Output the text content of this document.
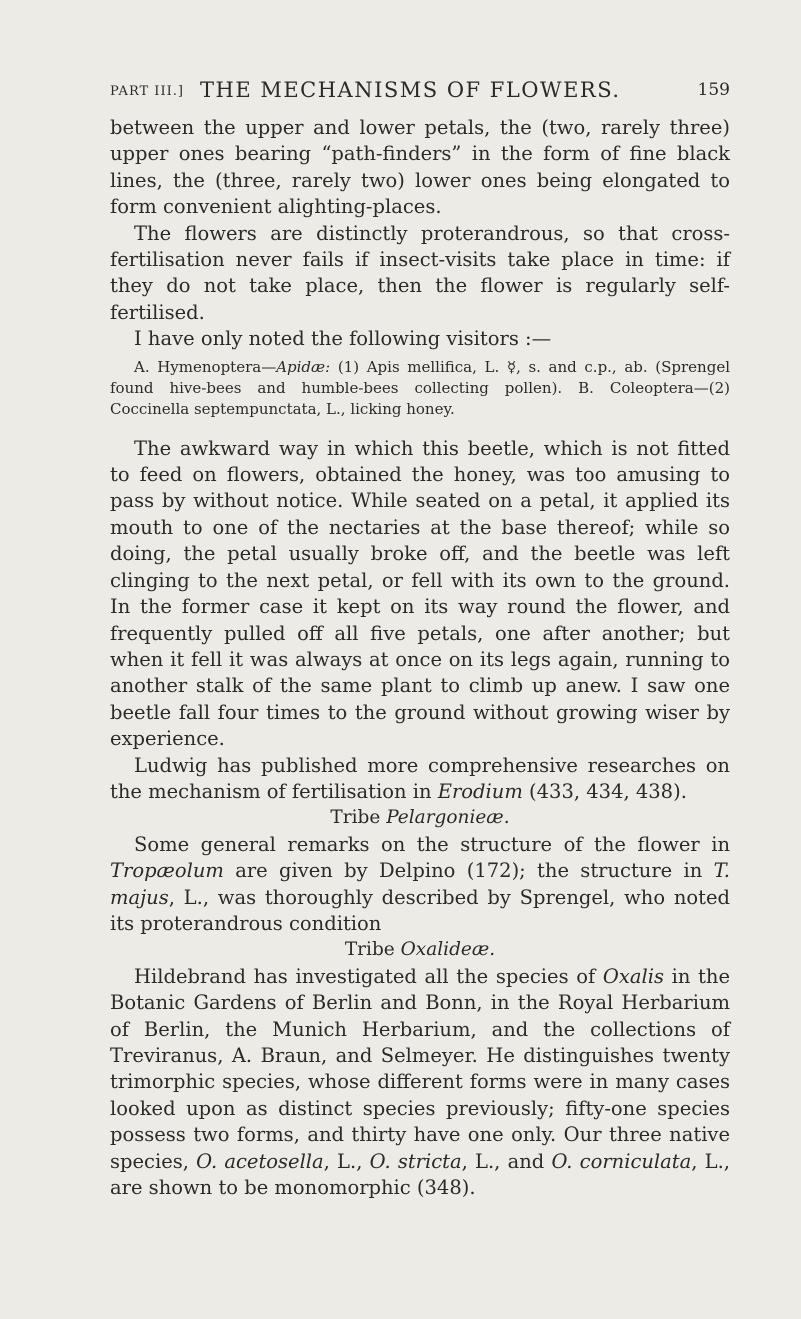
PART III.] THE MECHANISMS OF FLOWERS.	159

between the upper and lower petals, the (two, rarely three) upper ones bearing “path-finders” in the form of fine black lines, the (three, rarely two) lower ones being elongated to form convenient alighting-places.

The flowers are distinctly proterandrous, so that cross-fertilisation never fails if insect-visits take place in time: if they do not take place, then the flower is regularly self-fertilised.

I have only noted the following visitors :—

A. Hymenoptera—Apidæ: (1) Apis mellifica, L. ☿, s. and c.p., ab. (Sprengel found hive-bees and humble-bees collecting pollen). B. Coleoptera—(2) Coccinella septempunctata, L., licking honey.

The awkward way in which this beetle, which is not fitted to feed on flowers, obtained the honey, was too amusing to pass by without notice. While seated on a petal, it applied its mouth to one of the nectaries at the base thereof; while so doing, the petal usually broke off, and the beetle was left clinging to the next petal, or fell with its own to the ground. In the former case it kept on its way round the flower, and frequently pulled off all five petals, one after another; but when it fell it was always at once on its legs again, running to another stalk of the same plant to climb up anew. I saw one beetle fall four times to the ground without growing wiser by experience.

Ludwig has published more comprehensive researches on the mechanism of fertilisation in Erodium (433, 434, 438).

Tribe Pelargonieæ.

Some general remarks on the structure of the flower in Tropæolum are given by Delpino (172); the structure in T. majus, L., was thoroughly described by Sprengel, who noted its proterandrous condition

Tribe Oxalideæ.

Hildebrand has investigated all the species of Oxalis in the Botanic Gardens of Berlin and Bonn, in the Royal Herbarium of Berlin, the Munich Herbarium, and the collections of Treviranus, A. Braun, and Selmeyer. He distinguishes twenty trimorphic species, whose different forms were in many cases looked upon as distinct species previously; fifty-one species possess two forms, and thirty have one only. Our three native species, O. acetosella, L., O. stricta, L., and O. corniculata, L., are shown to be monomorphic (348).
